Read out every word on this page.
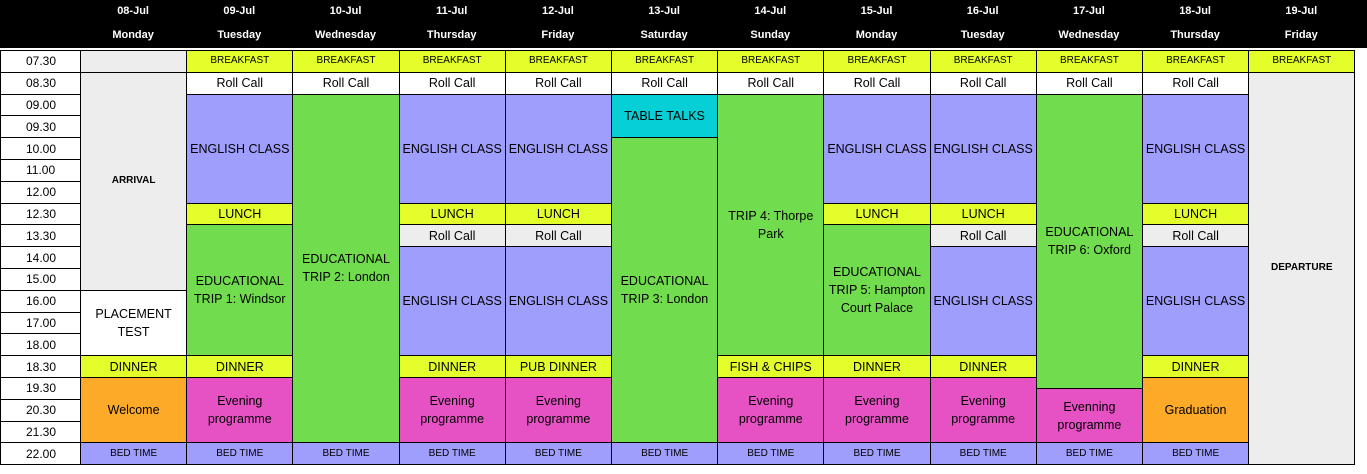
08-Jul
Monday
09-Jul
Tuesday
10-Jul
Wednesday
11-Jul
Thursday
12-Jul
Friday
13-Jul
Saturday
14-Jul
Sunday
15-Jul
Monday
16-Jul
Tuesday
17-Jul
Wednesday
18-Jul
Thursday
19-Jul
Friday
07.30
08.30
09.00
09.30
10.00
11.00
12.00
12.30
13.30
14.00
15.00
16.00
17.00
18.00
18.30
19.30
20.30
21.30
22.00
ARRIVAL
PLACEMENT TEST
DINNER
Welcome
BED TIME
BREAKFAST
Roll Call
ENGLISH CLASS
LUNCH
EDUCATIONAL TRIP 1: Windsor
DINNER
Evening programme
BED TIME
BREAKFAST
Roll Call
EDUCATIONAL TRIP 2: London
BED TIME
BREAKFAST
Roll Call
ENGLISH CLASS
LUNCH
Roll Call
ENGLISH CLASS
DINNER
Evening programme
BED TIME
BREAKFAST
Roll Call
ENGLISH CLASS
LUNCH
Roll Call
ENGLISH CLASS
PUB DINNER
Evening programme
BED TIME
BREAKFAST
Roll Call
TABLE TALKS
EDUCATIONAL TRIP 3: London
BED TIME
BREAKFAST
Roll Call
TRIP 4: Thorpe Park
FISH & CHIPS
Evening programme
BED TIME
BREAKFAST
Roll Call
ENGLISH CLASS
LUNCH
EDUCATIONAL TRIP 5: Hampton Court Palace
DINNER
Evening programme
BED TIME
BREAKFAST
Roll Call
ENGLISH CLASS
LUNCH
Roll Call
ENGLISH CLASS
DINNER
Evening programme
BED TIME
BREAKFAST
Roll Call
EDUCATIONAL TRIP 6: Oxford
Evenning programme
BED TIME
BREAKFAST
Roll Call
ENGLISH CLASS
LUNCH
Roll Call
ENGLISH CLASS
DINNER
Graduation
BED TIME
BREAKFAST
DEPARTURE
